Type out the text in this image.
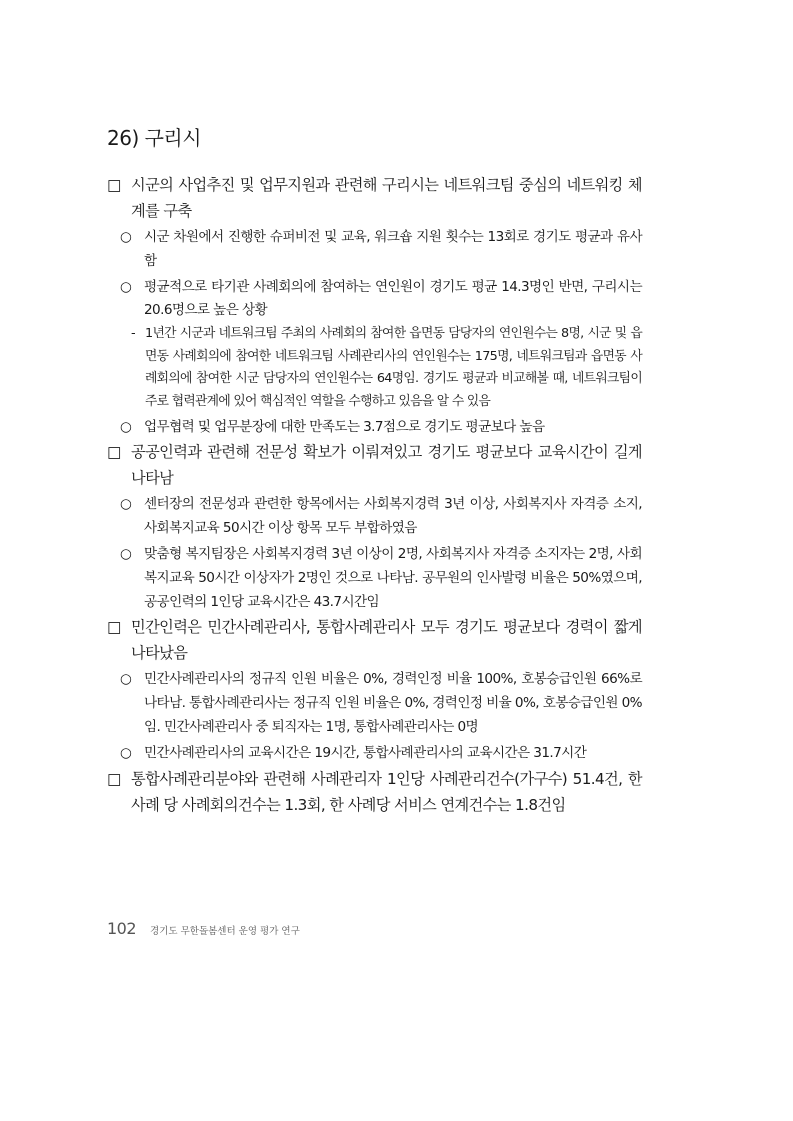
26) 구리시
□ 시군의 사업추진 및 업무지원과 관련해 구리시는 네트워크팀 중심의 네트워킹 체계를 구축
○ 시군 차원에서 진행한 슈퍼비전 및 교육, 워크숍 지원 횟수는 13회로 경기도 평균과 유사함
○ 평균적으로 타기관 사례회의에 참여하는 연인원이 경기도 평균 14.3명인 반면, 구리시는 20.6명으로 높은 상황
- 1년간 시군과 네트워크팀 주최의 사례회의 참여한 읍면동 담당자의 연인원수는 8명, 시군 및 읍면동 사례회의에 참여한 네트워크팀 사례관리사의 연인원수는 175명, 네트워크팀과 읍면동 사례회의에 참여한 시군 담당자의 연인원수는 64명임. 경기도 평균과 비교해볼 때, 네트워크팀이 주로 협력관계에 있어 핵심적인 역할을 수행하고 있음을 알 수 있음
○ 업무협력 및 업무분장에 대한 만족도는 3.7점으로 경기도 평균보다 높음
□ 공공인력과 관련해 전문성 확보가 이뤄져있고 경기도 평균보다 교육시간이 길게 나타남
○ 센터장의 전문성과 관련한 항목에서는 사회복지경력 3년 이상, 사회복지사 자격증 소지, 사회복지교육 50시간 이상 항목 모두 부합하였음
○ 맞춤형 복지팀장은 사회복지경력 3년 이상이 2명, 사회복지사 자격증 소지자는 2명, 사회복지교육 50시간 이상자가 2명인 것으로 나타남. 공무원의 인사발령 비율은 50%였으며, 공공인력의 1인당 교육시간은 43.7시간임
□ 민간인력은 민간사례관리사, 통합사례관리사 모두 경기도 평균보다 경력이 짧게 나타났음
○ 민간사례관리사의 정규직 인원 비율은 0%, 경력인정 비율 100%, 호봉승급인원 66%로 나타남. 통합사례관리사는 정규직 인원 비율은 0%, 경력인정 비율 0%, 호봉승급인원 0%임. 민간사례관리사 중 퇴직자는 1명, 통합사례관리사는 0명
○ 민간사례관리사의 교육시간은 19시간, 통합사례관리사의 교육시간은 31.7시간
□ 통합사례관리분야와 관련해 사례관리자 1인당 사례관리건수(가구수) 51.4건, 한 사례 당 사례회의건수는 1.3회, 한 사례당 서비스 연계건수는 1.8건임
102 경기도 무한돌봄센터 운영 평가 연구
